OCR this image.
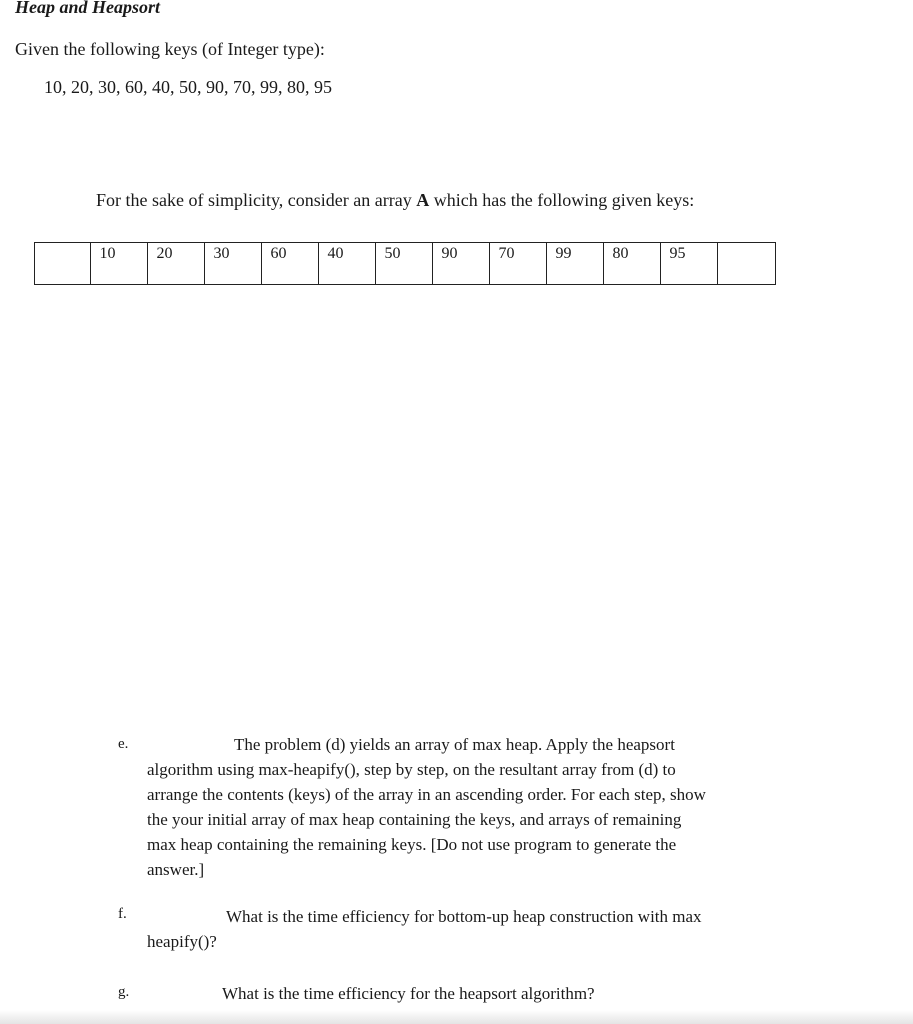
Heap and Heapsort
Given the following keys (of Integer type):
10, 20, 30, 60, 40, 50, 90, 70, 99, 80, 95
For the sake of simplicity, consider an array A which has the following given keys:
10	20	30	60	40	50	90	70	99	80	95
e.	The problem (d) yields an array of max heap. Apply the heapsort
algorithm using max-heapify(), step by step, on the resultant array from (d) to
arrange the contents (keys) of the array in an ascending order. For each step, show
the your initial array of max heap containing the keys, and arrays of remaining
max heap containing the remaining keys. [Do not use program to generate the
answer.]
f.	What is the time efficiency for bottom-up heap construction with max
heapify()?
g.	What is the time efficiency for the heapsort algorithm?
